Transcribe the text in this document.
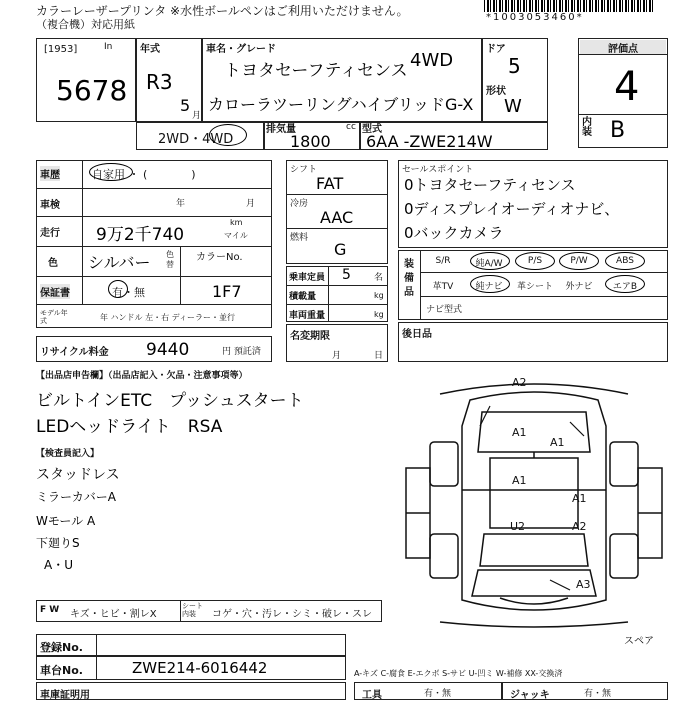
カラーレーザープリンタ ※水性ボールペンはご利用いただけません。
（複合機）対応用紙
*1003053460*
[1953]	In
5678
年式
R3
5
月
車名・グレード
トヨタセーフティセンス 4WD
カローラツーリングハイブリッドG-X
ドア
5
形状
W
評価点
4
内装 B
2WD・4WD
排気量	cc
1800
型式
6AA -ZWE214W
車歴	自家用 ・ (　　　　)
車検	年	月
走行 9万2千740
km
マイル
色 シルバー 色替
カラーNo.
1F7
保証書	有・無
モデル年式	年 ハンドル 左・右 ディーラー・並行
リサイクル料金 9440	円 預託済
シフト
FAT
冷房
AAC
燃料
G
乗車定員 5	名
積載量	kg
車両重量	kg
名変期限
月	日
セールスポイント
0トヨタセーフティセンス
0ディスプレイオーディオナビ、
0バックカメラ
装備品
S/R	純A/W	P/S	P/W	ABS
革TV	純ナビ	革シート	外ナビ	エアB
ナビ型式
後日品
【出品店申告欄】（出品店記入・欠品・注意事項等）
ビルトインETC　プッシュスタート
LEDヘッドライト　RSA
【検査員記入】
スタッドレス
ミラーカバーA
Wモール A
下廻りS
A・U
A2
A1
A1
A1
A2
U2
A1
A3
スペア
F W キズ・ヒビ・割レX
シート内装	コゲ・穴・汚レ・シミ・破レ・スレ
登録No.
車台No.	ZWE214-6016442
車庫証明用
A-キズ C-腐食 E-エクボ S-サビ U-凹ミ W-補修 XX-交換済
工具	有・無	ジャッキ	有・無
